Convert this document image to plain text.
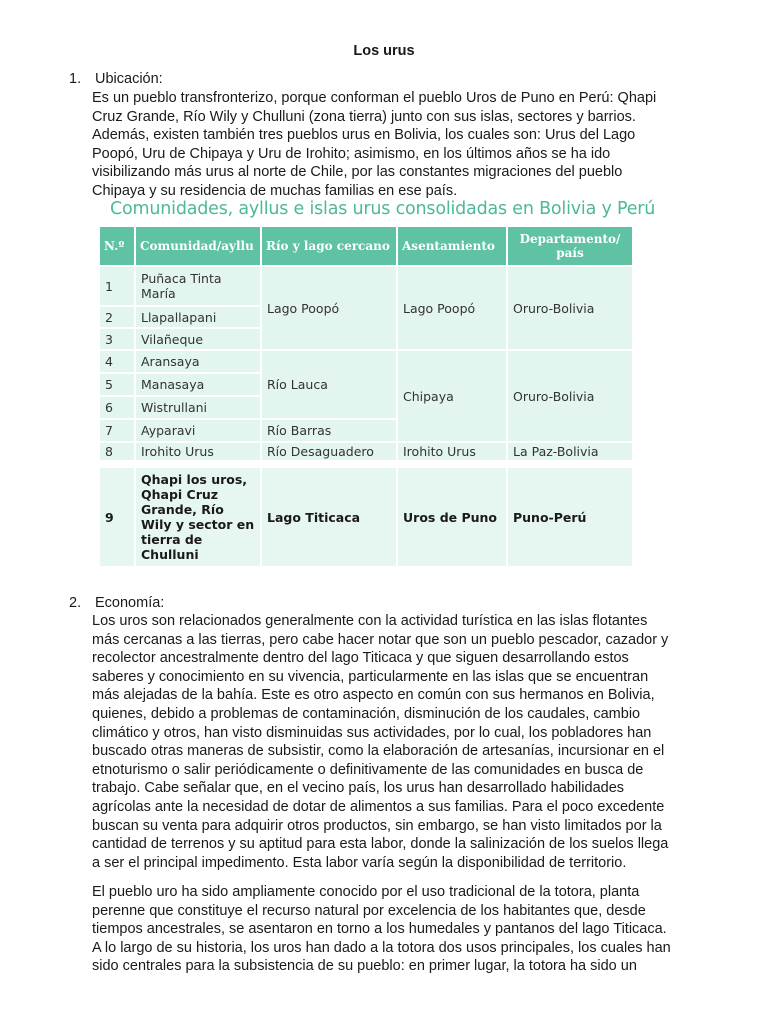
Los urus
1. Ubicación:
Es un pueblo transfronterizo, porque conforman el pueblo Uros de Puno en Perú: Qhapi
Cruz Grande, Río Wily y Chulluni (zona tierra) junto con sus islas, sectores y barrios.
Además, existen también tres pueblos urus en Bolivia, los cuales son: Urus del Lago
Poopó, Uru de Chipaya y Uru de Irohito; asimismo, en los últimos años se ha ido
visibilizando más urus al norte de Chile, por las constantes migraciones del pueblo
Chipaya y su residencia de muchas familias en ese país.
Comunidades, ayllus e islas urus consolidadas en Bolivia y Perú
N.º	Comunidad/ayllu	Río y lago cercano	Asentamiento	Departamento/ país
1	Puñaca Tinta María	Lago Poopó	Lago Poopó	Oruro-Bolivia
2	Llapallapani			
3	Vilañeque			
4	Aransaya	Río Lauca	Chipaya	Oruro-Bolivia
5	Manasaya			
6	Wistrullani			
7	Ayparavi	Río Barras		
8	Irohito Urus	Río Desaguadero	Irohito Urus	La Paz-Bolivia

9	Qhapi los uros, Qhapi Cruz Grande, Río Wily y sector en tierra de Chulluni	Lago Titicaca	Uros de Puno	Puno-Perú
2. Economía:
Los uros son relacionados generalmente con la actividad turística en las islas flotantes
más cercanas a las tierras, pero cabe hacer notar que son un pueblo pescador, cazador y
recolector ancestralmente dentro del lago Titicaca y que siguen desarrollando estos
saberes y conocimiento en su vivencia, particularmente en las islas que se encuentran
más alejadas de la bahía. Este es otro aspecto en común con sus hermanos en Bolivia,
quienes, debido a problemas de contaminación, disminución de los caudales, cambio
climático y otros, han visto disminuidas sus actividades, por lo cual, los pobladores han
buscado otras maneras de subsistir, como la elaboración de artesanías, incursionar en el
etnoturismo o salir periódicamente o definitivamente de las comunidades en busca de
trabajo. Cabe señalar que, en el vecino país, los urus han desarrollado habilidades
agrícolas ante la necesidad de dotar de alimentos a sus familias. Para el poco excedente
buscan su venta para adquirir otros productos, sin embargo, se han visto limitados por la
cantidad de terrenos y su aptitud para esta labor, donde la salinización de los suelos llega
a ser el principal impedimento. Esta labor varía según la disponibilidad de territorio.
El pueblo uro ha sido ampliamente conocido por el uso tradicional de la totora, planta
perenne que constituye el recurso natural por excelencia de los habitantes que, desde
tiempos ancestrales, se asentaron en torno a los humedales y pantanos del lago Titicaca.
A lo largo de su historia, los uros han dado a la totora dos usos principales, los cuales han
sido centrales para la subsistencia de su pueblo: en primer lugar, la totora ha sido un
